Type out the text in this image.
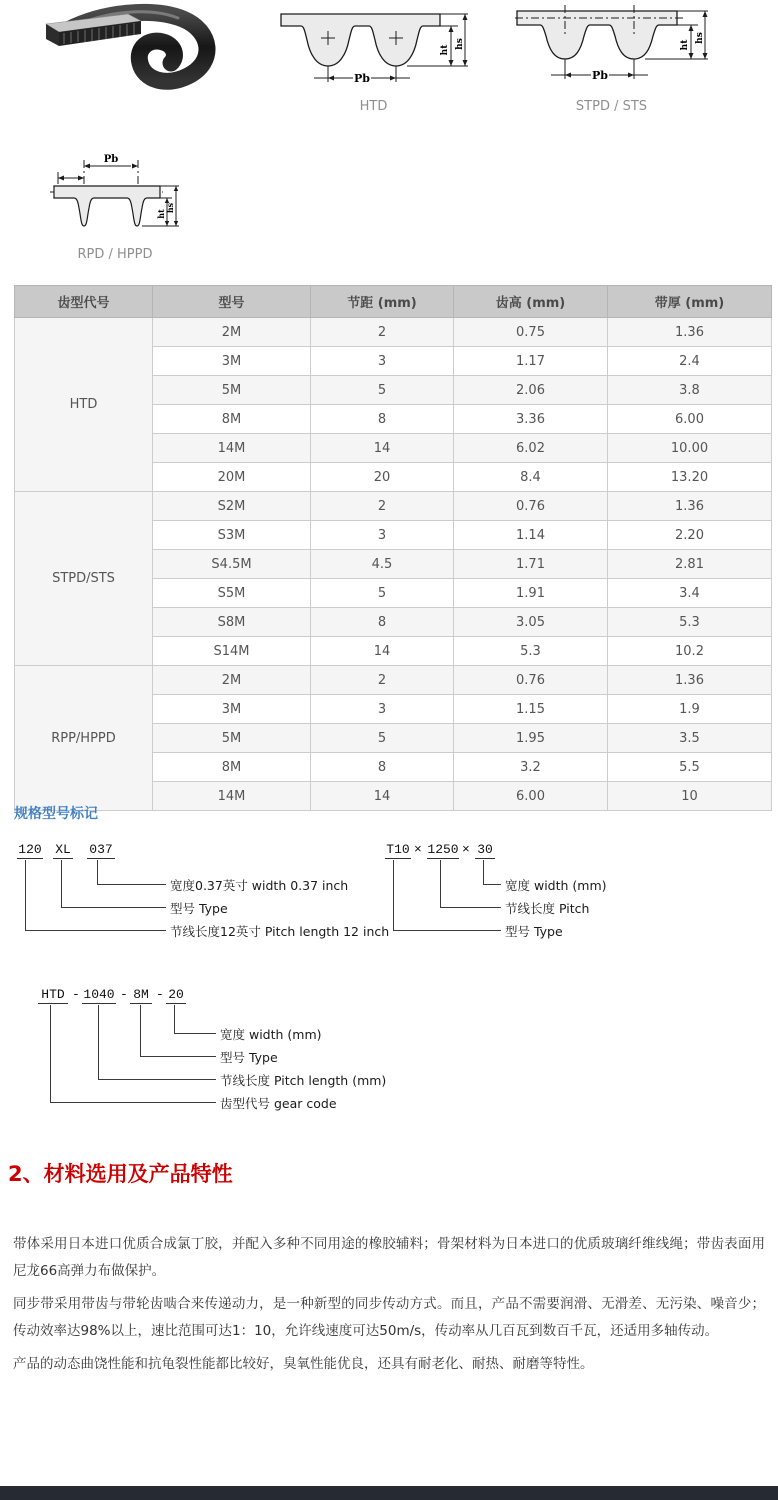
Pb
ht
hs
HTD
Pb
ht
hs
STPD / STS
Pb
ht
hs
RPD / HPPD
齿型代号	型号	节距 (mm)	齿高 (mm)	带厚 (mm)
HTD	2M	2	0.75	1.36
	3M	3	1.17	2.4
	5M	5	2.06	3.8
	8M	8	3.36	6.00
	14M	14	6.02	10.00
	20M	20	8.4	13.20
STPD/STS	S2M	2	0.76	1.36
	S3M	3	1.14	2.20
	S4.5M	4.5	1.71	2.81
	S5M	5	1.91	3.4
	S8M	8	3.05	5.3
	S14M	14	5.3	10.2
RPP/HPPD	2M	2	0.76	1.36
	3M	3	1.15	1.9
	5M	5	1.95	3.5
	8M	8	3.2	5.5
	14M	14	6.00	10
规格型号标记
120 XL 037
宽度0.37英寸 width 0.37 inch
型号 Type
节线长度12英寸 Pitch length 12 inch
T10 × 1250 × 30
宽度 width (mm)
节线长度 Pitch
型号 Type
HTD - 1040 - 8M - 20
宽度 width (mm)
型号 Type
节线长度 Pitch length (mm)
齿型代号 gear code
2、材料选用及产品特性

带体采用日本进口优质合成氯丁胶，并配入多种不同用途的橡胶辅料；骨架材料为日本进口的优质玻璃纤维线绳；带齿表面用尼龙66高弹力布做保护。

同步带采用带齿与带轮齿啮合来传递动力，是一种新型的同步传动方式。而且，产品不需要润滑、无滑差、无污染、噪音少；传动效率达98%以上，速比范围可达1：10，允许线速度可达50m/s，传动率从几百瓦到数百千瓦，还适用多轴传动。

产品的动态曲饶性能和抗龟裂性能都比较好，臭氧性能优良，还具有耐老化、耐热、耐磨等特性。
